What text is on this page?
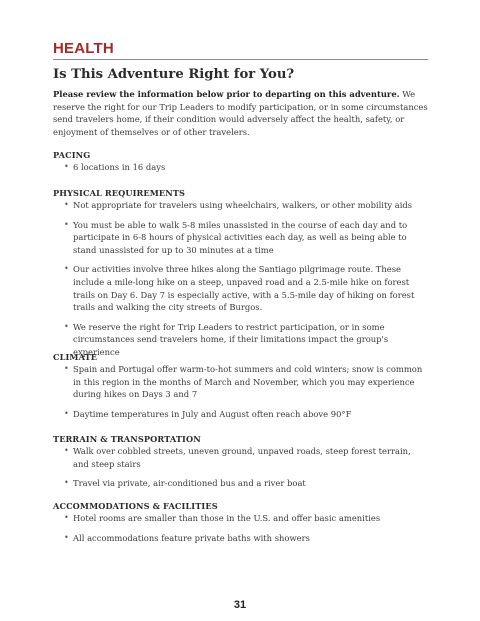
HEALTH
Is This Adventure Right for You?
Please review the information below prior to departing on this adventure. We reserve the right for our Trip Leaders to modify participation, or in some circumstances send travelers home, if their condition would adversely affect the health, safety, or enjoyment of themselves or of other travelers.
PACING
• 6 locations in 16 days
PHYSICAL REQUIREMENTS
• Not appropriate for travelers using wheelchairs, walkers, or other mobility aids
• You must be able to walk 5-8 miles unassisted in the course of each day and to participate in 6-8 hours of physical activities each day, as well as being able to stand unassisted for up to 30 minutes at a time
• Our activities involve three hikes along the Santiago pilgrimage route. These include a mile-long hike on a steep, unpaved road and a 2.5-mile hike on forest trails on Day 6. Day 7 is especially active, with a 5.5-mile day of hiking on forest trails and walking the city streets of Burgos.
• We reserve the right for Trip Leaders to restrict participation, or in some circumstances send travelers home, if their limitations impact the group's experience
CLIMATE
• Spain and Portugal offer warm-to-hot summers and cold winters; snow is common in this region in the months of March and November, which you may experience during hikes on Days 3 and 7
• Daytime temperatures in July and August often reach above 90°F
TERRAIN & TRANSPORTATION
• Walk over cobbled streets, uneven ground, unpaved roads, steep forest terrain, and steep stairs
• Travel via private, air-conditioned bus and a river boat
ACCOMMODATIONS & FACILITIES
• Hotel rooms are smaller than those in the U.S. and offer basic amenities
• All accommodations feature private baths with showers
31
